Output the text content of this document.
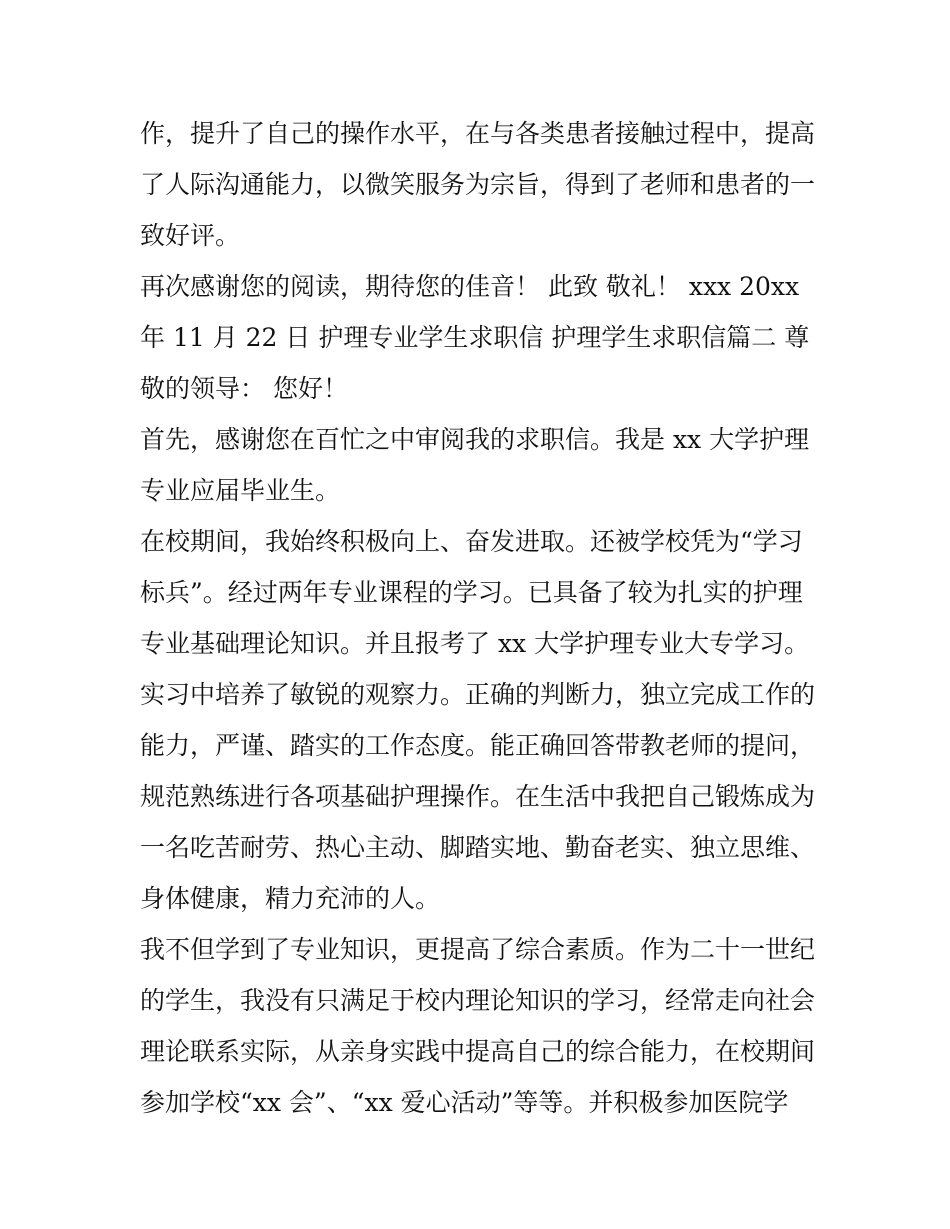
作，提升了自己的操作水平，在与各类患者接触过程中，提高了人际沟通能力，以微笑服务为宗旨，得到了老师和患者的一致好评。

再次感谢您的阅读，期待您的佳音！ 此致 敬礼！ xxx 20xx 年 11 月 22 日 护理专业学生求职信 护理学生求职信篇二 尊敬的领导： 您好！

首先，感谢您在百忙之中审阅我的求职信。我是 xx 大学护理专业应届毕业生。

在校期间，我始终积极向上、奋发进取。还被学校凭为“学习标兵”。经过两年专业课程的学习。已具备了较为扎实的护理专业基础理论知识。并且报考了 xx 大学护理专业大专学习。实习中培养了敏锐的观察力。正确的判断力，独立完成工作的能力，严谨、踏实的工作态度。能正确回答带教老师的提问，规范熟练进行各项基础护理操作。在生活中我把自己锻炼成为一名吃苦耐劳、热心主动、脚踏实地、勤奋老实、独立思维、身体健康，精力充沛的人。

我不但学到了专业知识，更提高了综合素质。作为二十一世纪的学生，我没有只满足于校内理论知识的学习，经常走向社会理论联系实际，从亲身实践中提高自己的综合能力，在校期间参加学校“xx 会”、“xx 爱心活动”等等。并积极参加医院学
